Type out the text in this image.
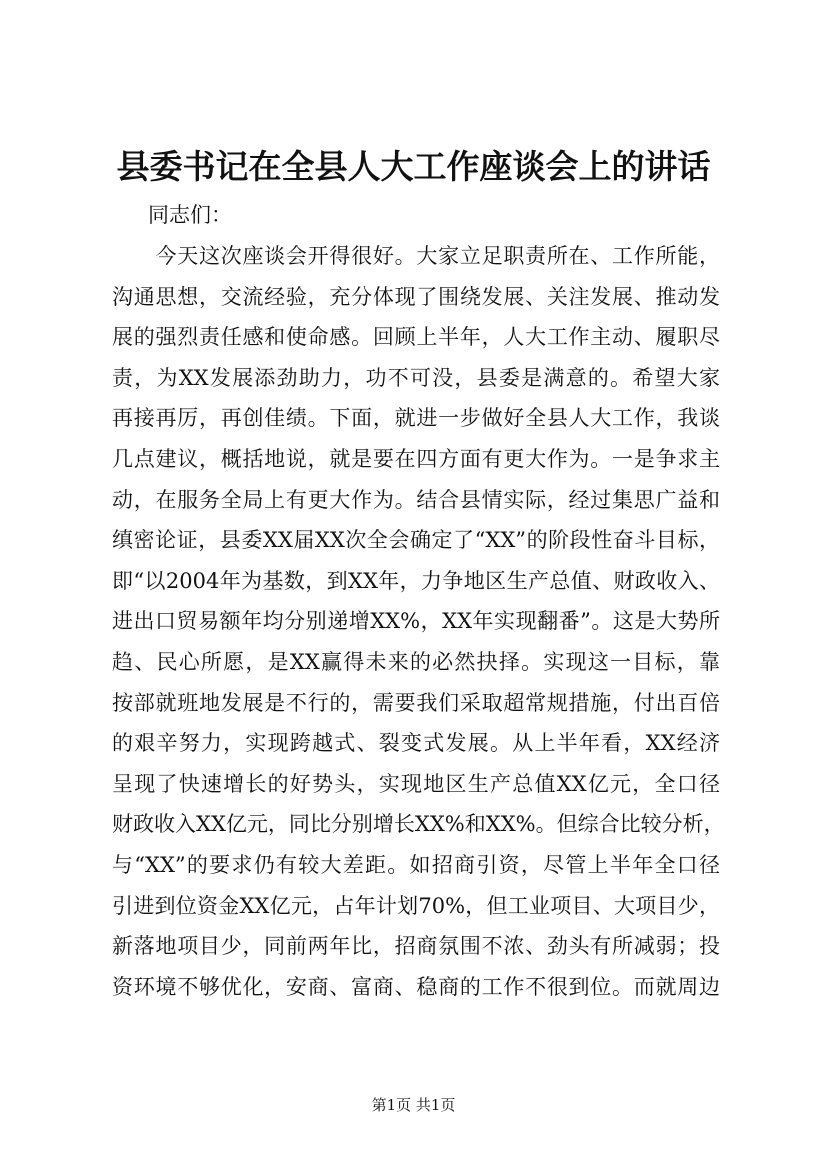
县委书记在全县人大工作座谈会上的讲话
同志们：
　　今天这次座谈会开得很好。大家立足职责所在、工作所能，
沟通思想，交流经验，充分体现了围绕发展、关注发展、推动发
展的强烈责任感和使命感。回顾上半年，人大工作主动、履职尽
责，为XX发展添劲助力，功不可没，县委是满意的。希望大家
再接再厉，再创佳绩。下面，就进一步做好全县人大工作，我谈
几点建议，概括地说，就是要在四方面有更大作为。一是争求主
动，在服务全局上有更大作为。结合县情实际，经过集思广益和
缜密论证，县委XX届XX次全会确定了“XX”的阶段性奋斗目标，
即“以2004年为基数，到XX年，力争地区生产总值、财政收入、
进出口贸易额年均分别递增XX%，XX年实现翻番”。这是大势所
趋、民心所愿，是XX赢得未来的必然抉择。实现这一目标，靠
按部就班地发展是不行的，需要我们采取超常规措施，付出百倍
的艰辛努力，实现跨越式、裂变式发展。从上半年看，XX经济
呈现了快速增长的好势头，实现地区生产总值XX亿元，全口径
财政收入XX亿元，同比分别增长XX%和XX%。但综合比较分析，
与“XX”的要求仍有较大差距。如招商引资，尽管上半年全口径
引进到位资金XX亿元，占年计划70%，但工业项目、大项目少，
新落地项目少，同前两年比，招商氛围不浓、劲头有所减弱；投
资环境不够优化，安商、富商、稳商的工作不很到位。而就周边
第1页 共1页
